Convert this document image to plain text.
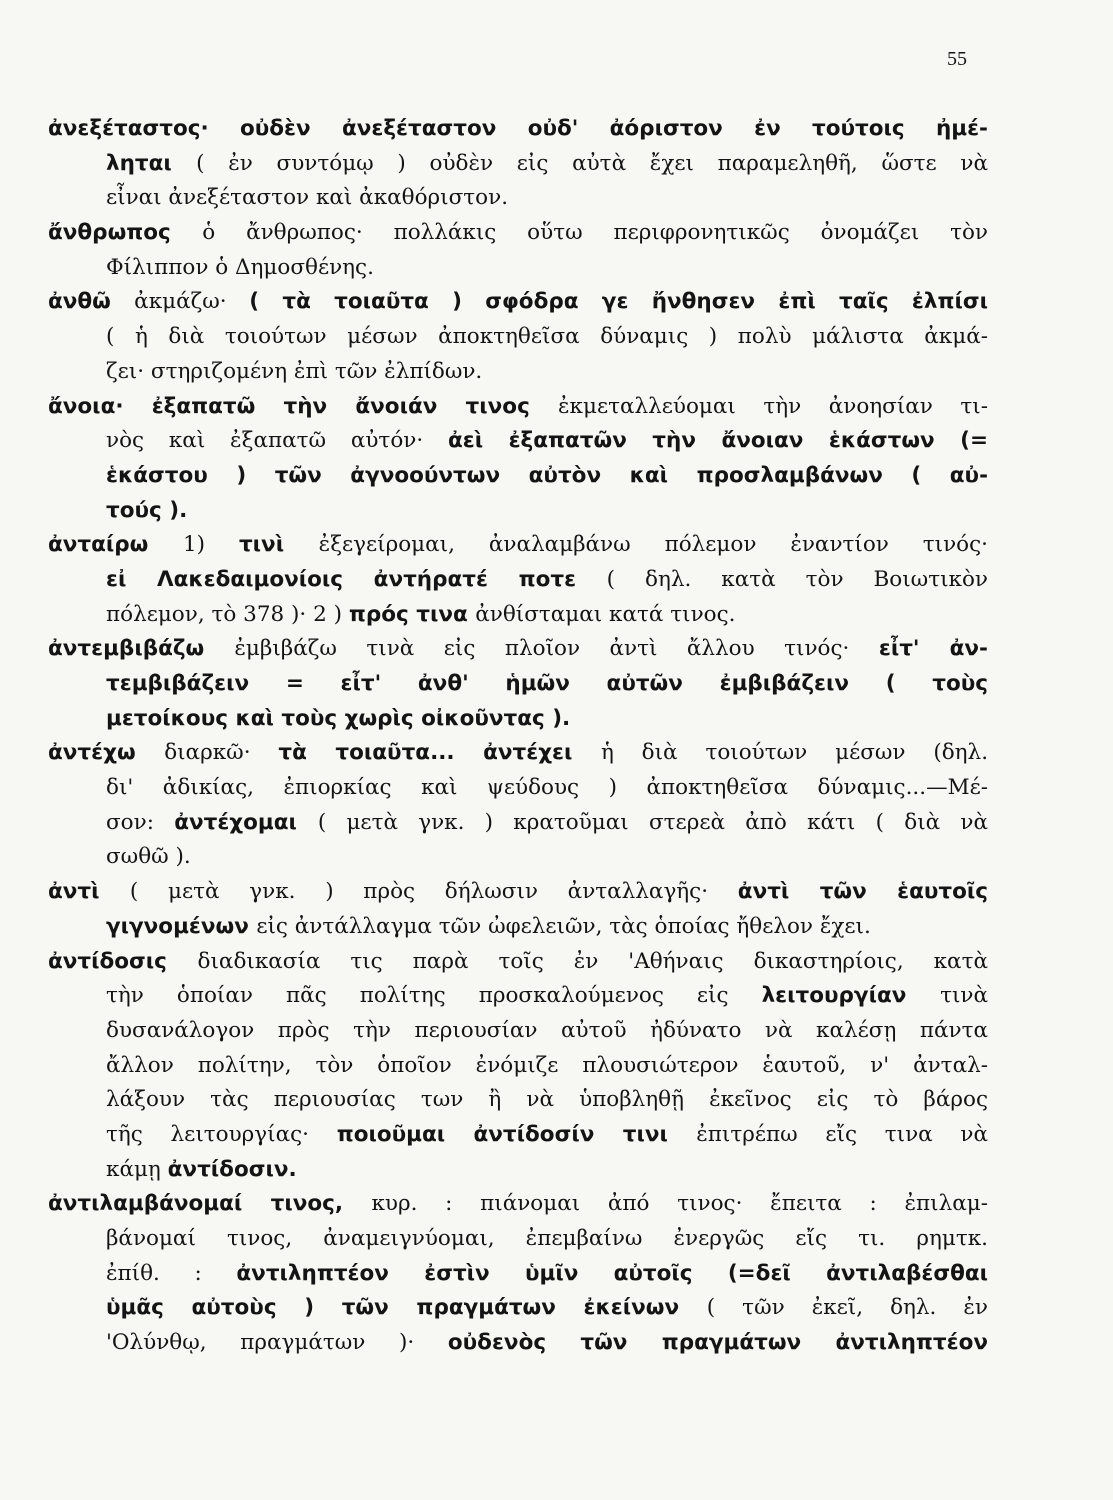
55
ἀνεξέταστος· οὐδὲν ἀνεξέταστον οὐδ' ἀόριστον ἐν τούτοις ἠμέ-
ληται ( ἐν συντόμῳ ) οὐδὲν εἰς αὐτὰ ἔχει παραμεληθῆ, ὥστε νὰ
εἶναι ἀνεξέταστον καὶ ἀκαθόριστον.
ἄνθρωπος ὁ ἄνθρωπος· πολλάκις οὕτω περιφρονητικῶς ὀνομάζει τὸν
Φίλιππον ὁ Δημοσθένης.
ἀνθῶ ἀκμάζω· ( τὰ τοιαῦτα ) σφόδρα γε ἤνθησεν ἐπὶ ταῖς ἐλπίσι
( ἡ διὰ τοιούτων μέσων ἀποκτηθεῖσα δύναμις ) πολὺ μάλιστα ἀκμά-
ζει· στηριζομένη ἐπὶ τῶν ἐλπίδων.
ἄνοια· ἐξαπατῶ τὴν ἄνοιάν τινος ἐκμεταλλεύομαι τὴν ἀνοησίαν τι-
νὸς καὶ ἐξαπατῶ αὐτόν· ἀεὶ ἐξαπατῶν τὴν ἄνοιαν ἑκάστων (=
ἑκάστου ) τῶν ἀγνοούντων αὐτὸν καὶ προσλαμβάνων ( αὐ-
τούς ).
ἀνταίρω 1) τινὶ ἐξεγείρομαι, ἀναλαμβάνω πόλεμον ἐναντίον τινός·
εἰ Λακεδαιμονίοις ἀντήρατέ ποτε ( δηλ. κατὰ τὸν Βοιωτικὸν
πόλεμον, τὸ 378 )· 2 ) πρός τινα ἀνθίσταμαι κατά τινος.
ἀντεμβιβάζω ἐμβιβάζω τινὰ εἰς πλοῖον ἀντὶ ἄλλου τινός· εἶτ' ἀν-
τεμβιβάζειν = εἶτ' ἀνθ' ἡμῶν αὐτῶν ἐμβιβάζειν ( τοὺς
μετοίκους καὶ τοὺς χωρὶς οἰκοῦντας ).
ἀντέχω διαρκῶ· τὰ τοιαῦτα... ἀντέχει ἡ διὰ τοιούτων μέσων (δηλ.
δι' ἀδικίας, ἐπιορκίας καὶ ψεύδους ) ἀποκτηθεῖσα δύναμις...—Μέ-
σον: ἀντέχομαι ( μετὰ γνκ. ) κρατοῦμαι στερεὰ ἀπὸ κάτι ( διὰ νὰ
σωθῶ ).
ἀντὶ ( μετὰ γνκ. ) πρὸς δήλωσιν ἀνταλλαγῆς· ἀντὶ τῶν ἑαυτοῖς
γιγνομένων εἰς ἀντάλλαγμα τῶν ὠφελειῶν, τὰς ὁποίας ἤθελον ἔχει.
ἀντίδοσις διαδικασία τις παρὰ τοῖς ἐν 'Αθήναις δικαστηρίοις, κατὰ
τὴν ὁποίαν πᾶς πολίτης προσκαλούμενος εἰς λειτουργίαν τινὰ
δυσανάλογον πρὸς τὴν περιουσίαν αὐτοῦ ἠδύνατο νὰ καλέσῃ πάντα
ἄλλον πολίτην, τὸν ὁποῖον ἐνόμιζε πλουσιώτερον ἑαυτοῦ, ν' ἀνταλ-
λάξουν τὰς περιουσίας των ἢ νὰ ὑποβληθῇ ἐκεῖνος εἰς τὸ βάρος
τῆς λειτουργίας· ποιοῦμαι ἀντίδοσίν τινι ἐπιτρέπω εἴς τινα νὰ
κάμῃ ἀντίδοσιν.
ἀντιλαμβάνομαί τινος, κυρ. : πιάνομαι ἀπό τινος· ἔπειτα : ἐπιλαμ-
βάνομαί τινος, ἀναμειγνύομαι, ἐπεμβαίνω ἐνεργῶς εἴς τι. ρημτκ.
ἐπίθ. : ἀντιληπτέον ἐστὶν ὑμῖν αὐτοῖς (=δεῖ ἀντιλαβέσθαι
ὑμᾶς αὐτοὺς ) τῶν πραγμάτων ἐκείνων ( τῶν ἐκεῖ, δηλ. ἐν
'Ολύνθῳ, πραγμάτων )· οὐδενὸς τῶν πραγμάτων ἀντιληπτέον
